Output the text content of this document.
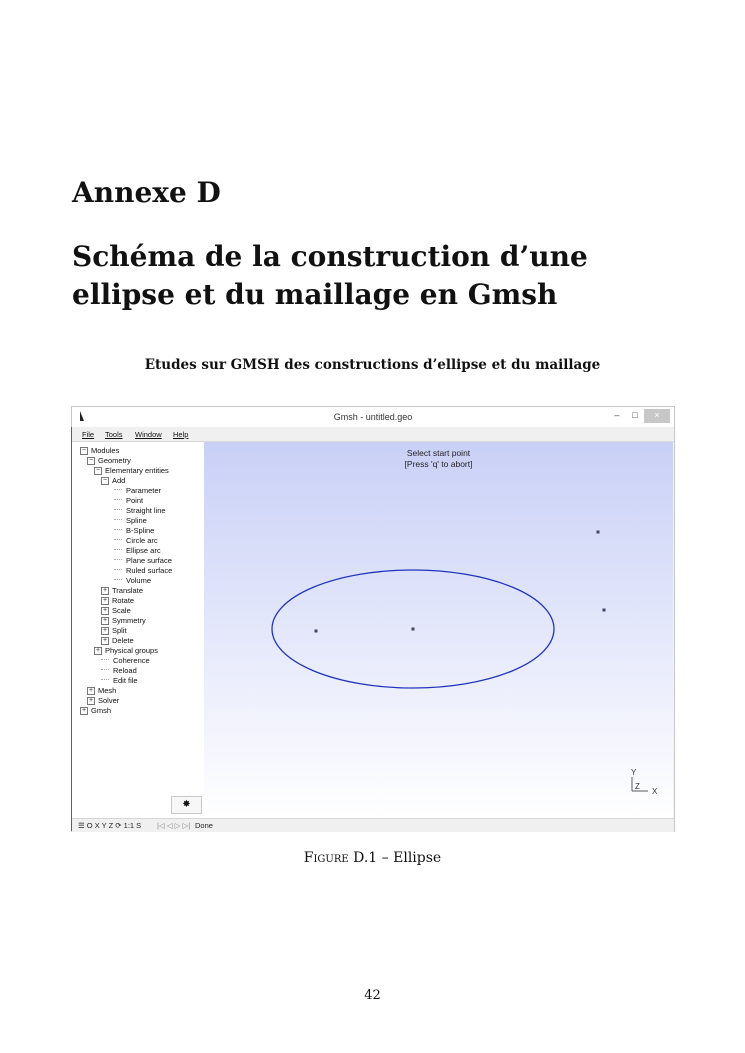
Annexe D
Schéma de la construction d’une ellipse et du maillage en Gmsh
Etudes sur GMSH des constructions d’ellipse et du maillage
Gmsh - untitled.geo	–	□	×
File Tools Window Help
− Modules
− Geometry
− Elementary entities
− Add
Parameter
Point
Straight line
Spline
B-Spline
Circle arc
Ellipse arc
Plane surface
Ruled surface
Volume
+ Translate
+ Rotate
+ Scale
+ Symmetry
+ Split
+ Delete
+ Physical groups
Coherence
Reload
Edit file
+ Mesh
+ Solver
+ Gmsh
✸
Select start point
[Press 'q' to abort]
Y
Z
X
☰ O X Y Z ⟳ 1:1 S |◁ ◁ ▷ ▷| Done
Figure D.1 – Ellipse
42
